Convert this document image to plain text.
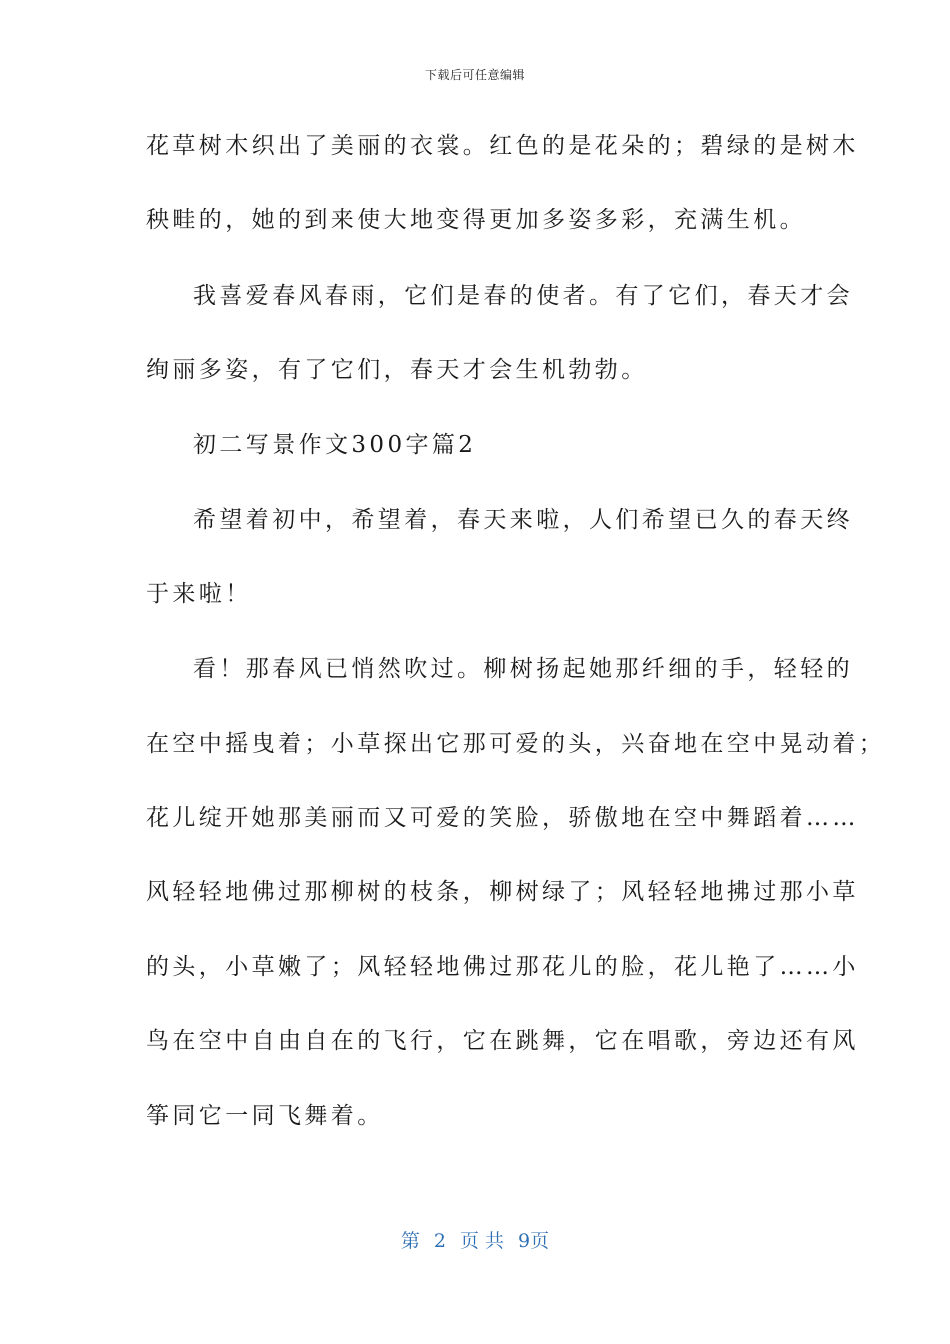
下载后可任意编辑
花草树木织出了美丽的衣裳。红色的是花朵的；碧绿的是树木
秧畦的，她的到来使大地变得更加多姿多彩，充满生机。
我喜爱春风春雨，它们是春的使者。有了它们，春天才会
绚丽多姿，有了它们，春天才会生机勃勃。
初二写景作文300字篇2
希望着初中，希望着，春天来啦，人们希望已久的春天终
于来啦！
看！那春风已悄然吹过。柳树扬起她那纤细的手，轻轻的
在空中摇曳着；小草探出它那可爱的头，兴奋地在空中晃动着；
花儿绽开她那美丽而又可爱的笑脸，骄傲地在空中舞蹈着……
风轻轻地佛过那柳树的枝条，柳树绿了；风轻轻地拂过那小草
的头，小草嫩了；风轻轻地佛过那花儿的脸，花儿艳了……小
鸟在空中自由自在的飞行，它在跳舞，它在唱歌，旁边还有风
筝同它一同飞舞着。
第 2 页 共 9页
